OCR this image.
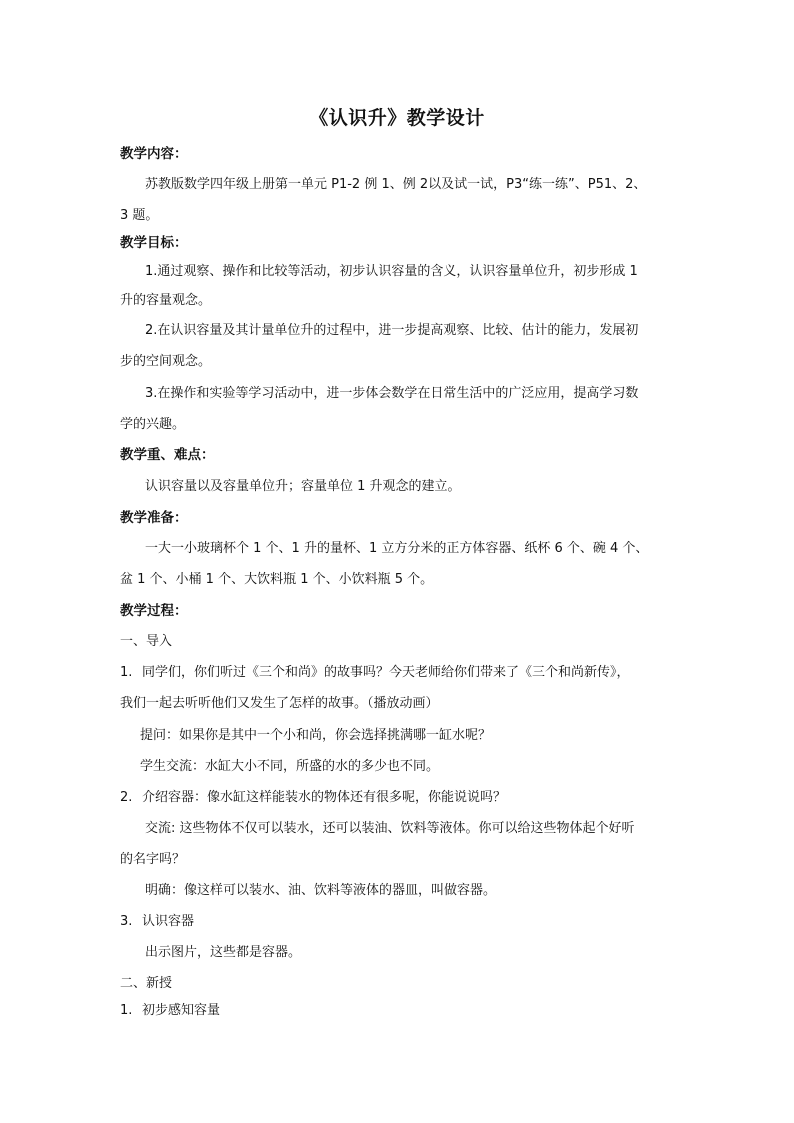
《认识升》教学设计
教学内容：
苏教版数学四年级上册第一单元 P1-2 例 1、例 2以及试一试，P3“练一练”、P51、2、
3 题。
教学目标：
1.通过观察、操作和比较等活动，初步认识容量的含义，认识容量单位升，初步形成 1
升的容量观念。
2.在认识容量及其计量单位升的过程中，进一步提高观察、比较、估计的能力，发展初
步的空间观念。
3.在操作和实验等学习活动中，进一步体会数学在日常生活中的广泛应用，提高学习数
学的兴趣。
教学重、难点：
认识容量以及容量单位升；容量单位 1 升观念的建立。
教学准备：
一大一小玻璃杯个 1 个、1 升的量杯、1 立方分米的正方体容器、纸杯 6 个、碗 4 个、
盆 1 个、小桶 1 个、大饮料瓶 1 个、小饮料瓶 5 个。
教学过程：
一、导入
1. 同学们，你们听过《三个和尚》的故事吗？今天老师给你们带来了《三个和尚新传》，
我们一起去听听他们又发生了怎样的故事。（播放动画）
提问：如果你是其中一个小和尚，你会选择挑满哪一缸水呢？
学生交流：水缸大小不同，所盛的水的多少也不同。
2. 介绍容器：像水缸这样能装水的物体还有很多呢，你能说说吗？
交流: 这些物体不仅可以装水，还可以装油、饮料等液体。你可以给这些物体起个好听
的名字吗？
明确：像这样可以装水、油、饮料等液体的器皿，叫做容器。
3. 认识容器
出示图片，这些都是容器。
二、新授
1. 初步感知容量
